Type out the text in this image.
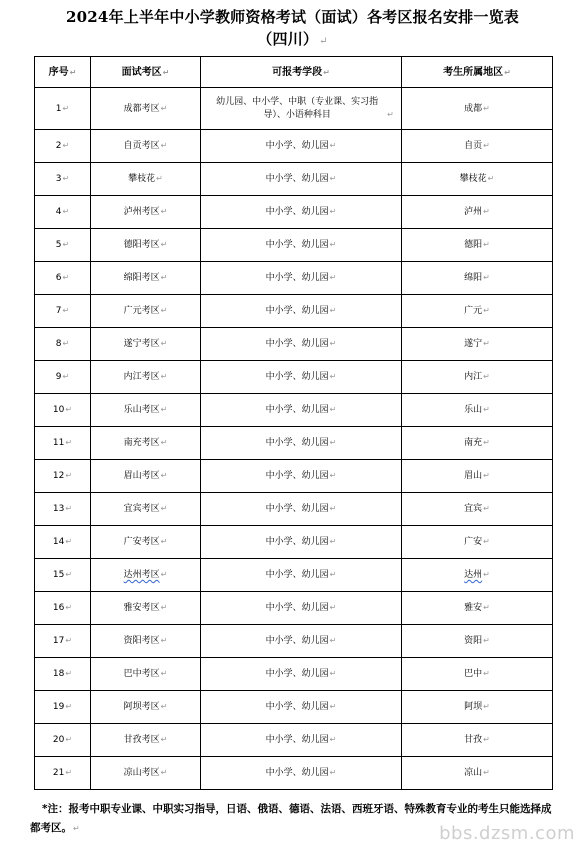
2024年上半年中小学教师资格考试（面试）各考区报名安排一览表
（四川）↵
序号↵	面试考区↵	可报考学段↵	考生所属地区↵
1↵	成都考区↵	幼儿园、中小学、中职（专业课、实习指导）、小语种科目 ↵	成都↵
2↵	自贡考区↵	中小学、幼儿园↵	自贡↵
3↵	攀枝花↵	中小学、幼儿园↵	攀枝花↵
4↵	泸州考区↵	中小学、幼儿园↵	泸州↵
5↵	德阳考区↵	中小学、幼儿园↵	德阳↵
6↵	绵阳考区↵	中小学、幼儿园↵	绵阳↵
7↵	广元考区↵	中小学、幼儿园↵	广元↵
8↵	遂宁考区↵	中小学、幼儿园↵	遂宁↵
9↵	内江考区↵	中小学、幼儿园↵	内江↵
10↵	乐山考区↵	中小学、幼儿园↵	乐山↵
11↵	南充考区↵	中小学、幼儿园↵	南充↵
12↵	眉山考区↵	中小学、幼儿园↵	眉山↵
13↵	宜宾考区↵	中小学、幼儿园↵	宜宾↵
14↵	广安考区↵	中小学、幼儿园↵	广安↵
15↵	达州考区↵	中小学、幼儿园↵	达州↵
16↵	雅安考区↵	中小学、幼儿园↵	雅安↵
17↵	资阳考区↵	中小学、幼儿园↵	资阳↵
18↵	巴中考区↵	中小学、幼儿园↵	巴中↵
19↵	阿坝考区↵	中小学、幼儿园↵	阿坝↵
20↵	甘孜考区↵	中小学、幼儿园↵	甘孜↵
21↵	凉山考区↵	中小学、幼儿园↵	凉山↵
*注：报考中职专业课、中职实习指导，日语、俄语、德语、法语、西班牙语、特殊教育专业的考生只能选择成都考区。↵	bbs.dzsm.com
